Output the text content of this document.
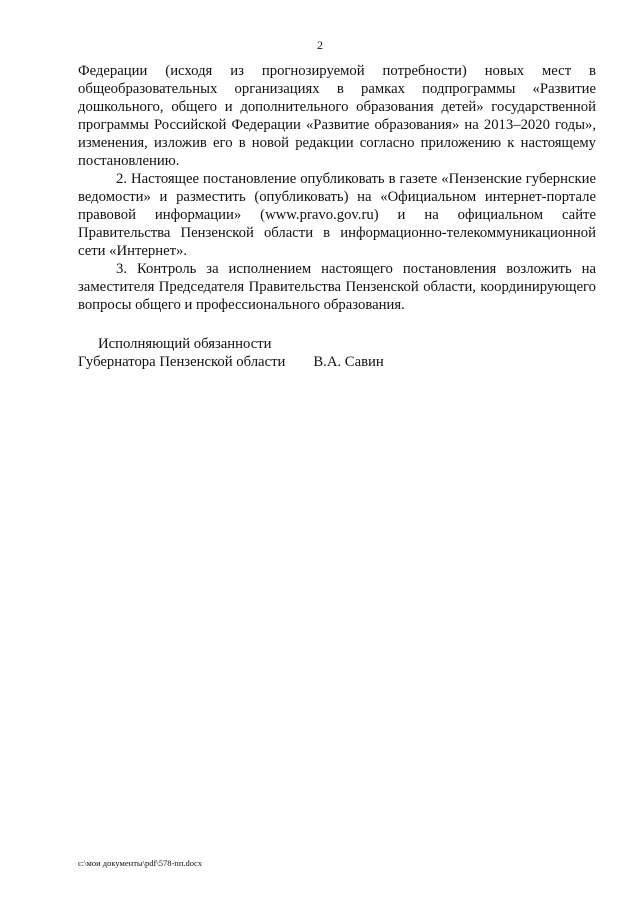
2

Федерации (исходя из прогнозируемой потребности) новых мест в общеобразовательных организациях в рамках подпрограммы «Развитие дошкольного, общего и дополнительного образования детей» государственной программы Российской Федерации «Развитие образования» на 2013–2020 годы», изменения, изложив его в новой редакции согласно приложению к настоящему постановлению.

2. Настоящее постановление опубликовать в газете «Пензенские губернские ведомости» и разместить (опубликовать) на «Официальном интернет-портале правовой информации» (www.pravo.gov.ru) и на официальном сайте Правительства Пензенской области в информационно-телекоммуникационной сети «Интернет».

3. Контроль за исполнением настоящего постановления возложить на заместителя Председателя Правительства Пензенской области, координирующего вопросы общего и профессионального образования.

Исполняющий обязанности
Губернатора Пензенской области В.А. Савин
c:\мои документы\pdf\578-пп.docx
